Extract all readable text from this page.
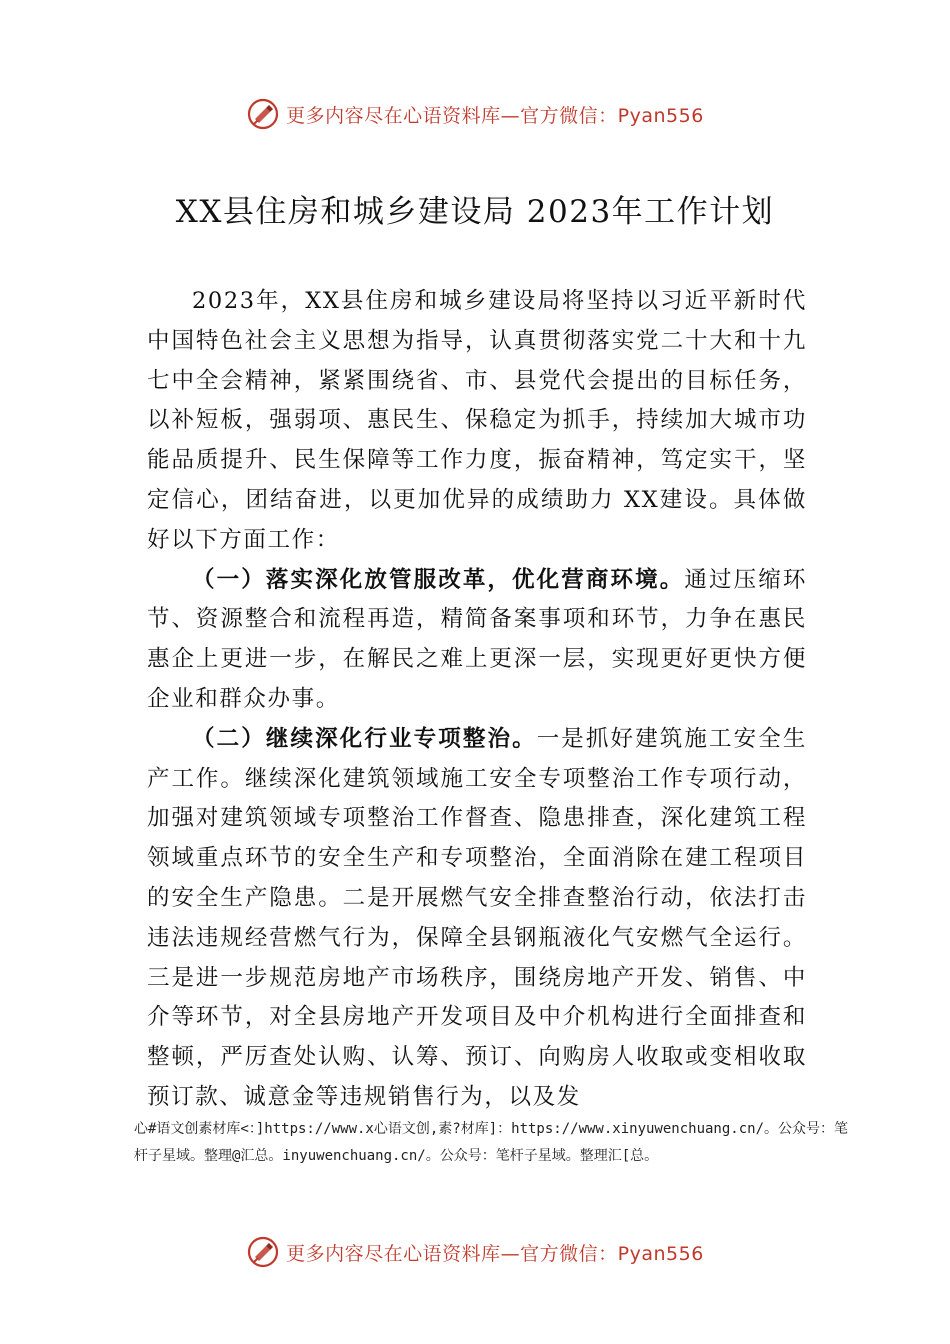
更多内容尽在心语资料库—官方微信：Pyan556
XX县住房和城乡建设局 2023年工作计划

2023年，XX县住房和城乡建设局将坚持以习近平新时代中国特色社会主义思想为指导，认真贯彻落实党二十大和十九七中全会精神，紧紧围绕省、市、县党代会提出的目标任务，以补短板，强弱项、惠民生、保稳定为抓手，持续加大城市功能品质提升、民生保障等工作力度，振奋精神，笃定实干，坚定信心，团结奋进，以更加优异的成绩助力 XX建设。具体做好以下方面工作：

（一）落实深化放管服改革，优化营商环境。通过压缩环节、资源整合和流程再造，精简备案事项和环节，力争在惠民惠企上更进一步，在解民之难上更深一层，实现更好更快方便企业和群众办事。

（二）继续深化行业专项整治。一是抓好建筑施工安全生产工作。继续深化建筑领域施工安全专项整治工作专项行动，加强对建筑领域专项整治工作督查、隐患排查，深化建筑工程领域重点环节的安全生产和专项整治，全面消除在建工程项目的安全生产隐患。二是开展燃气安全排查整治行动，依法打击违法违规经营燃气行为，保障全县钢瓶液化气安燃气全运行。三是进一步规范房地产市场秩序，围绕房地产开发、销售、中介等环节，对全县房地产开发项目及中介机构进行全面排查和整顿，严厉查处认购、认筹、预订、向购房人收取或变相收取预订款、诚意金等违规销售行为，以及发

心#语文创素材库<：]https://www.x心语文创,素?材库]：https://www.xinyuwenchuang.cn/。公众号：笔杆子星域。整理@汇总。inyuwenchuang.cn/。公众号：笔杆子星域。整理汇[总。
更多内容尽在心语资料库—官方微信：Pyan556
